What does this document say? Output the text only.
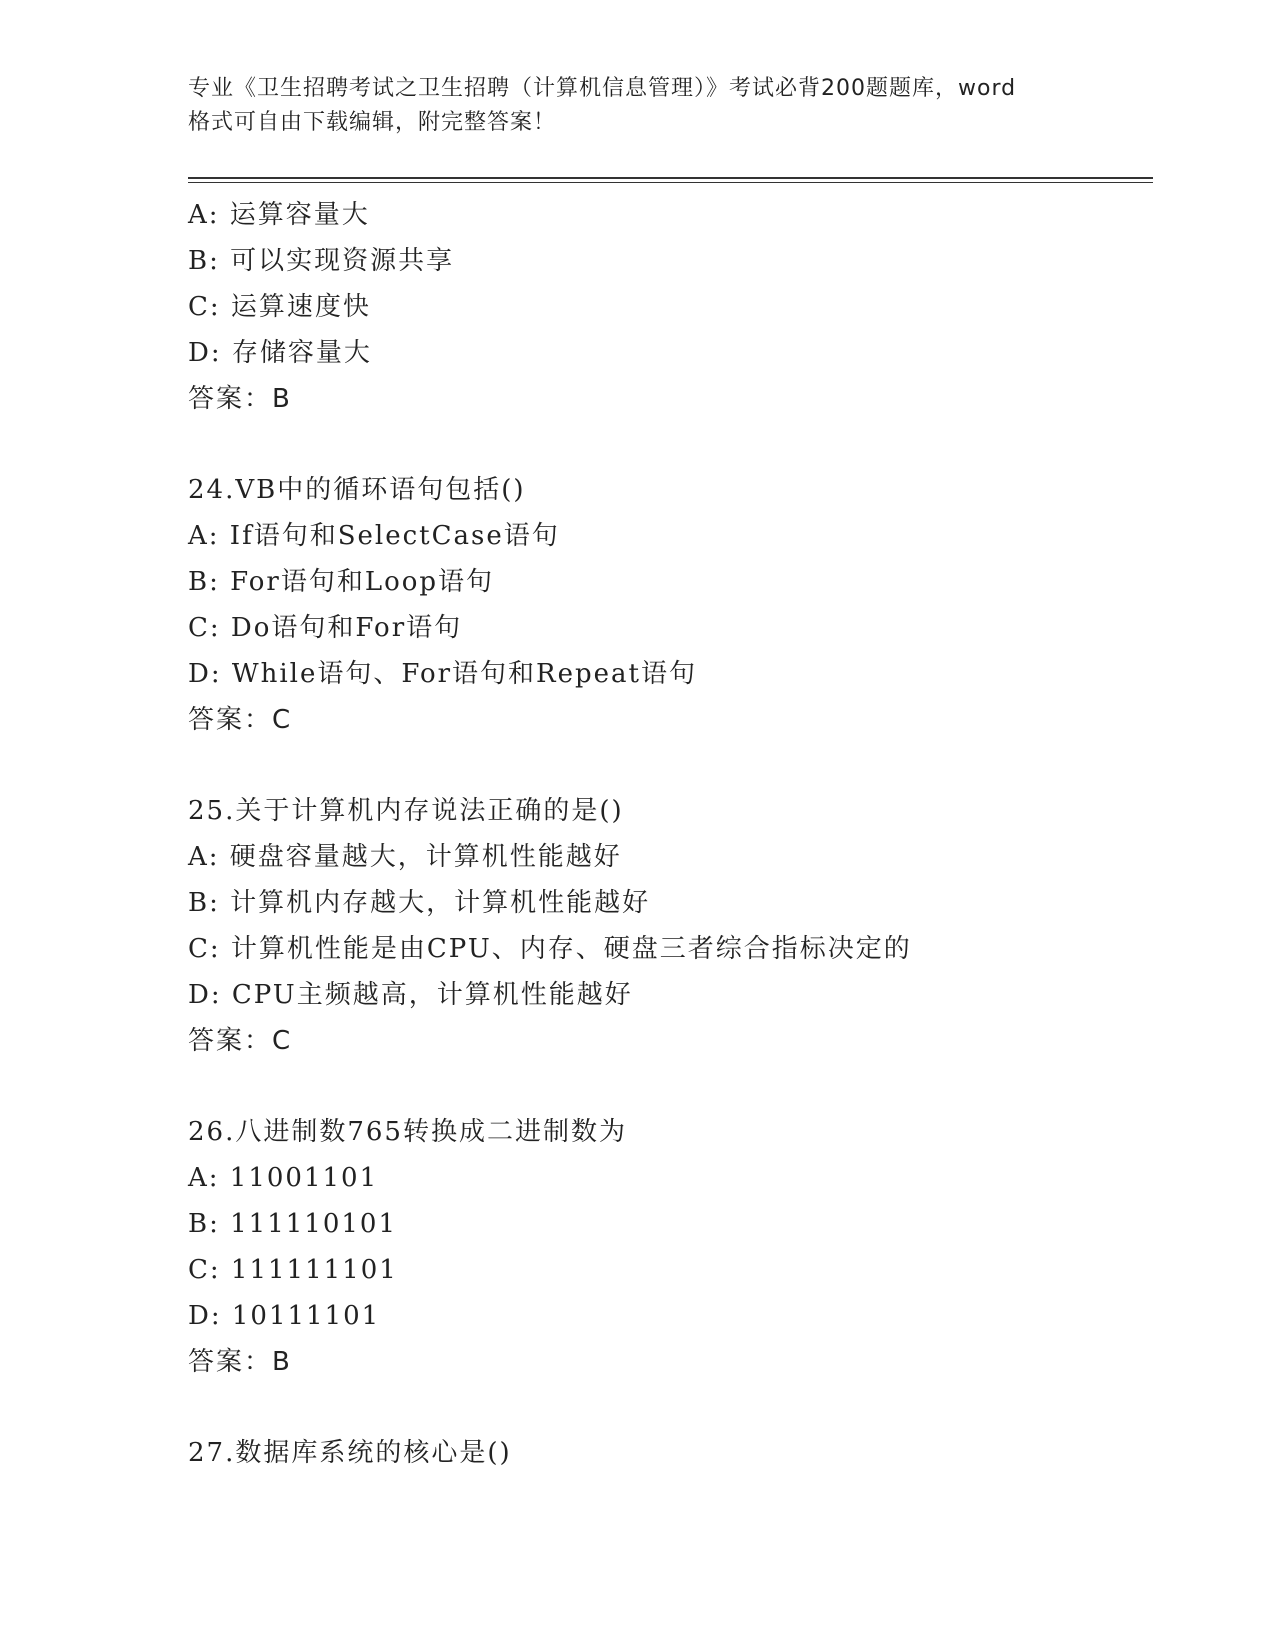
专业《卫生招聘考试之卫生招聘（计算机信息管理）》考试必背200题题库，word
格式可自由下载编辑，附完整答案！
A: 运算容量大
B: 可以实现资源共享
C: 运算速度快
D: 存储容量大
答案：B
24.VB中的循环语句包括()
A: If语句和SelectCase语句
B: For语句和Loop语句
C: Do语句和For语句
D: While语句、For语句和Repeat语句
答案：C
25.关于计算机内存说法正确的是()
A: 硬盘容量越大，计算机性能越好
B: 计算机内存越大，计算机性能越好
C: 计算机性能是由CPU、内存、硬盘三者综合指标决定的
D: CPU主频越高，计算机性能越好
答案：C
26.八进制数765转换成二进制数为
A: 11001101
B: 111110101
C: 111111101
D: 10111101
答案：B
27.数据库系统的核心是()
